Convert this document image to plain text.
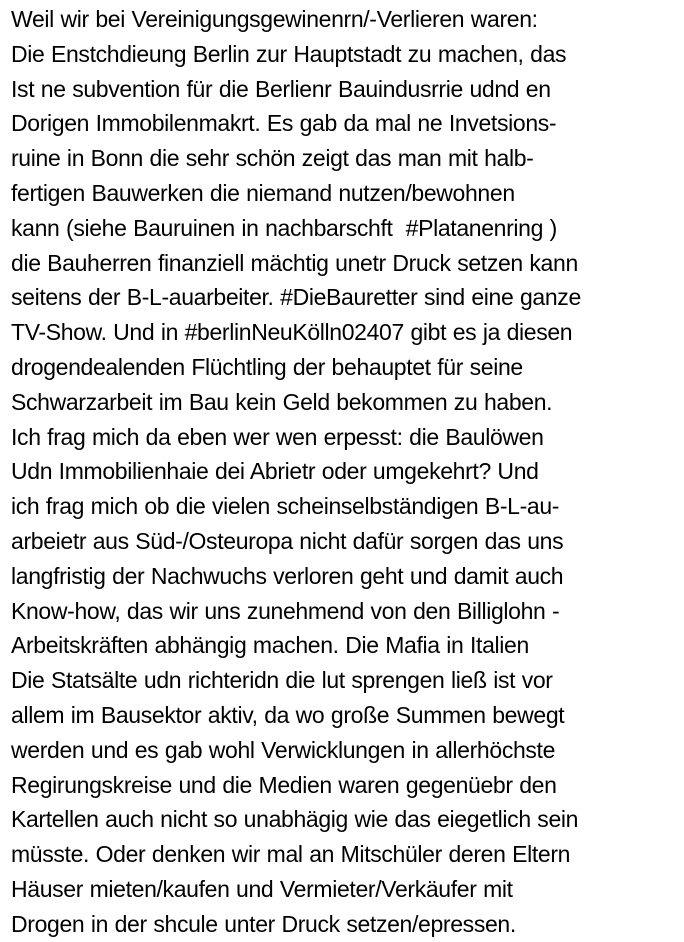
Weil wir bei Vereinigungsgewinenrn/-Verlieren waren:
Die Enstchdieung Berlin zur Hauptstadt zu machen, das
Ist ne subvention für die Berlienr Bauindusrrie udnd en
Dorigen Immobilenmakrt. Es gab da mal ne Invetsions-
ruine in Bonn die sehr schön zeigt das man mit halb-
fertigen Bauwerken die niemand nutzen/bewohnen
kann (siehe Bauruinen in nachbarschft  #Platanenring )
die Bauherren finanziell mächtig unetr Druck setzen kann
seitens der B-L-auarbeiter. #DieBauretter sind eine ganze
TV-Show. Und in #berlinNeuKölln02407 gibt es ja diesen
drogendealenden Flüchtling der behauptet für seine
Schwarzarbeit im Bau kein Geld bekommen zu haben.
Ich frag mich da eben wer wen erpesst: die Baulöwen
Udn Immobilienhaie dei Abrietr oder umgekehrt? Und
ich frag mich ob die vielen scheinselbständigen B-L-au-
arbeietr aus Süd-/Osteuropa nicht dafür sorgen das uns
langfristig der Nachwuchs verloren geht und damit auch
Know-how, das wir uns zunehmend von den Billiglohn -
Arbeitskräften abhängig machen. Die Mafia in Italien
Die Statsälte udn richteridn die lut sprengen ließ ist vor
allem im Bausektor aktiv, da wo große Summen bewegt
werden und es gab wohl Verwicklungen in allerhöchste
Regirungskreise und die Medien waren gegenüebr den
Kartellen auch nicht so unabhägig wie das eiegetlich sein
müsste. Oder denken wir mal an Mitschüler deren Eltern
Häuser mieten/kaufen und Vermieter/Verkäufer mit
Drogen in der shcule unter Druck setzen/epressen.
